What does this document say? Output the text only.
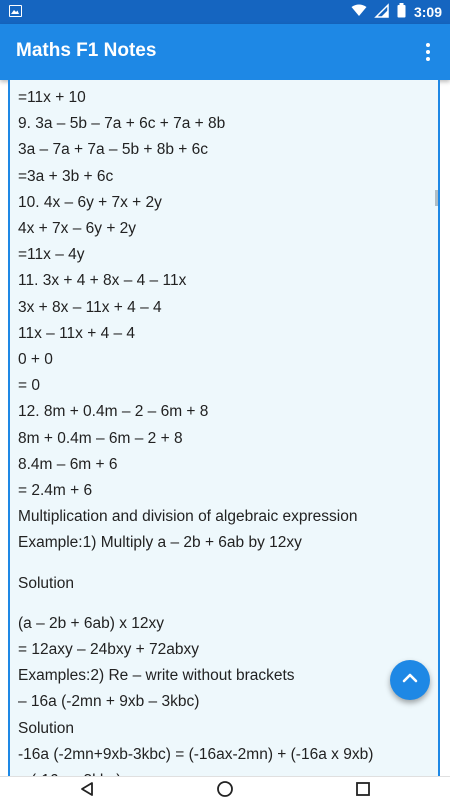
3:09
Maths F1 Notes
=11x + 10
9. 3a – 5b – 7a + 6c + 7a + 8b
3a – 7a + 7a – 5b + 8b + 6c
=3a + 3b + 6c
10. 4x – 6y + 7x + 2y
4x + 7x – 6y + 2y
=11x – 4y
11. 3x + 4 + 8x – 4 – 11x
3x + 8x – 11x + 4 – 4
11x – 11x + 4 – 4
0 + 0
= 0
12. 8m + 0.4m – 2 – 6m + 8
8m + 0.4m – 6m – 2 + 8
8.4m – 6m + 6
= 2.4m + 6
Multiplication and division of algebraic expression
Example:1) Multiply a – 2b + 6ab by 12xy
Solution
(a – 2b + 6ab) x 12xy
= 12axy – 24bxy + 72abxy
Examples:2) Re – write without brackets
– 16a (-2mn + 9xb – 3kbc)
Solution
-16a (-2mn+9xb-3kbc) = (-16ax-2mn) + (-16a x 9xb)
